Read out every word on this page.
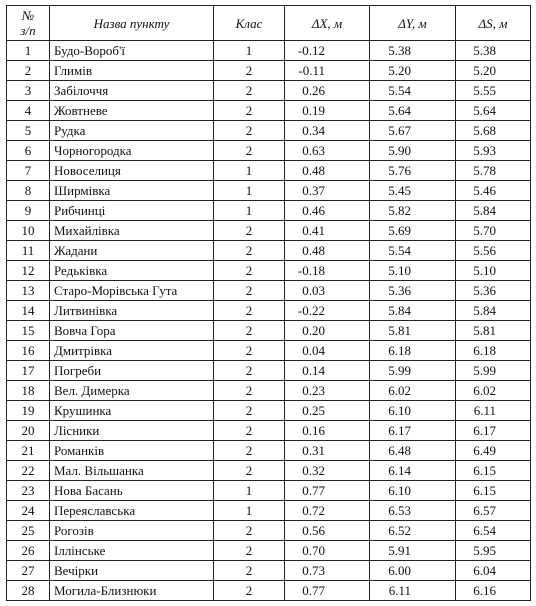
№
з/п	Назва пункту	Клас	ΔX, м	ΔY, м	ΔS, м
1	Будо-Вороб'ї	1	-0.12	5.38	5.38
2	Глимів	2	-0.11	5.20	5.20
3	Забілоччя	2	0.26	5.54	5.55
4	Жовтневе	2	0.19	5.64	5.64
5	Рудка	2	0.34	5.67	5.68
6	Чорногородка	2	0.63	5.90	5.93
7	Новоселиця	1	0.48	5.76	5.78
8	Ширмівка	1	0.37	5.45	5.46
9	Рибчинці	1	0.46	5.82	5.84
10	Михайлівка	2	0.41	5.69	5.70
11	Жадани	2	0.48	5.54	5.56
12	Редьківка	2	-0.18	5.10	5.10
13	Старо-Морівська Гута	2	0.03	5.36	5.36
14	Литвинівка	2	-0.22	5.84	5.84
15	Вовча Гора	2	0.20	5.81	5.81
16	Дмитрівка	2	0.04	6.18	6.18
17	Погреби	2	0.14	5.99	5.99
18	Вел. Димерка	2	0.23	6.02	6.02
19	Крушинка	2	0.25	6.10	6.11
20	Лісники	2	0.16	6.17	6.17
21	Романків	2	0.31	6.48	6.49
22	Мал. Вільшанка	2	0.32	6.14	6.15
23	Нова Басань	1	0.77	6.10	6.15
24	Переяславська	1	0.72	6.53	6.57
25	Рогозів	2	0.56	6.52	6.54
26	Іллінське	2	0.70	5.91	5.95
27	Вечірки	2	0.73	6.00	6.04
28	Могила-Близнюки	2	0.77	6.11	6.16
